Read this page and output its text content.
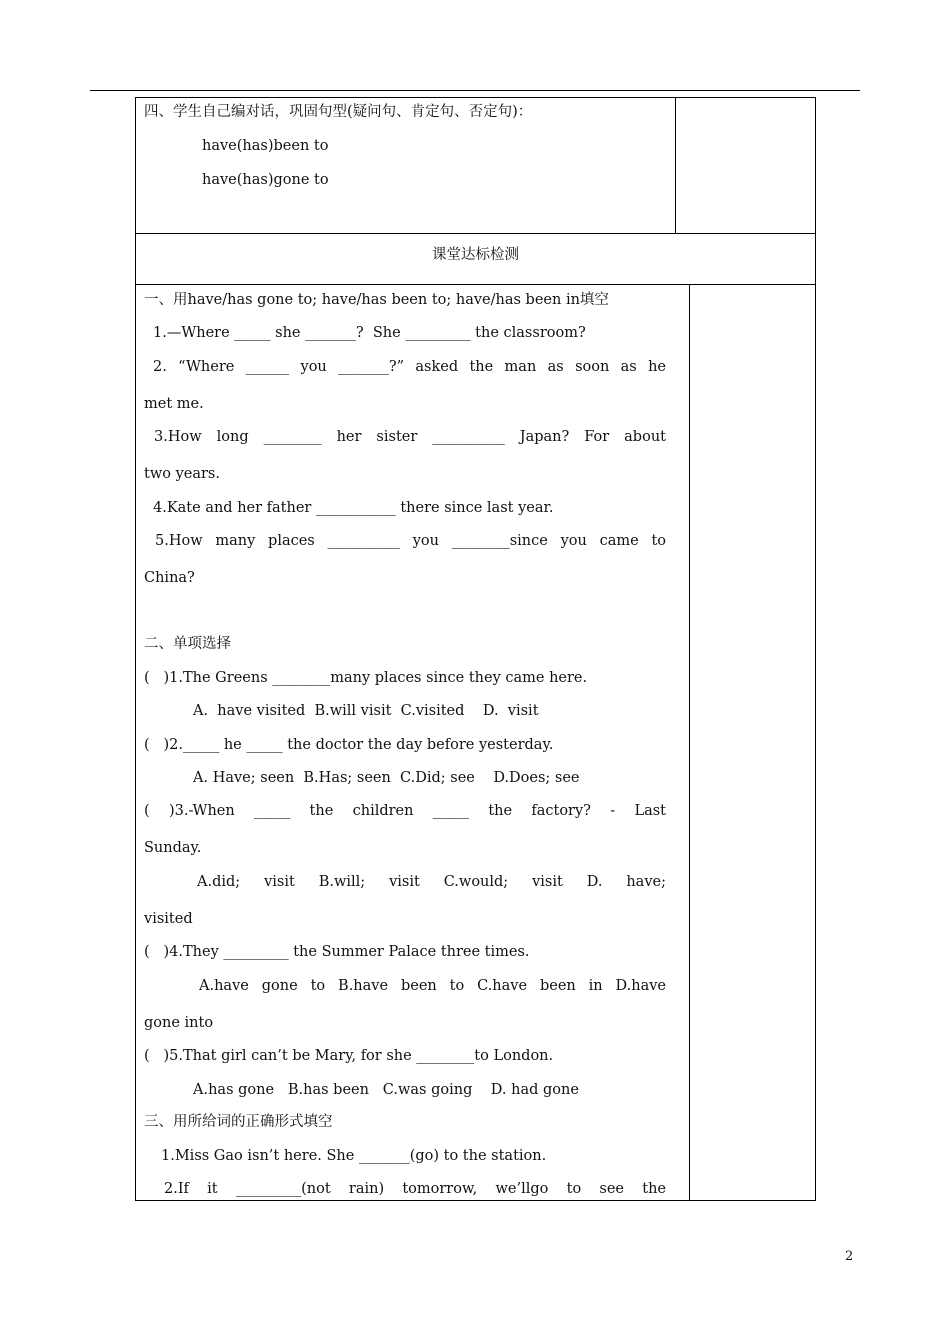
四、学生自己编对话，巩固句型(疑问句、肯定句、否定句)：
have(has)been to
have(has)gone to
课堂达标检测
一、用have/has gone to; have/has been to; have/has been in填空
1.—Where _____ she _______?  She _________ the classroom?
2. “Where ______ you _______?” asked the man as soon as he
met me.
3.How long ________ her sister __________ Japan? For about
two years.
4.Kate and her father ___________ there since last year.
5.How many places __________ you ________since you came to
China?
二、单项选择
(   )1.The Greens ________many places since they came here.
A.  have visited  B.will visit  C.visited    D.  visit
(   )2._____ he _____ the doctor the day before yesterday.
A. Have; seen  B.Has; seen  C.Did; see    D.Does; see
( )3.-When _____ the children _____ the factory? - Last
Sunday.
A.did; visit B.will; visit C.would; visit D. have;
visited
(   )4.They _________ the Summer Palace three times.
A.have gone to B.have been to C.have been in D.have
gone into
(   )5.That girl can’t be Mary, for she ________to London.
A.has gone   B.has been   C.was going    D. had gone
三、用所给词的正确形式填空
1.Miss Gao isn’t here. She _______(go) to the station.
2.If it _________(not rain) tomorrow, we’llgo to see the
2
